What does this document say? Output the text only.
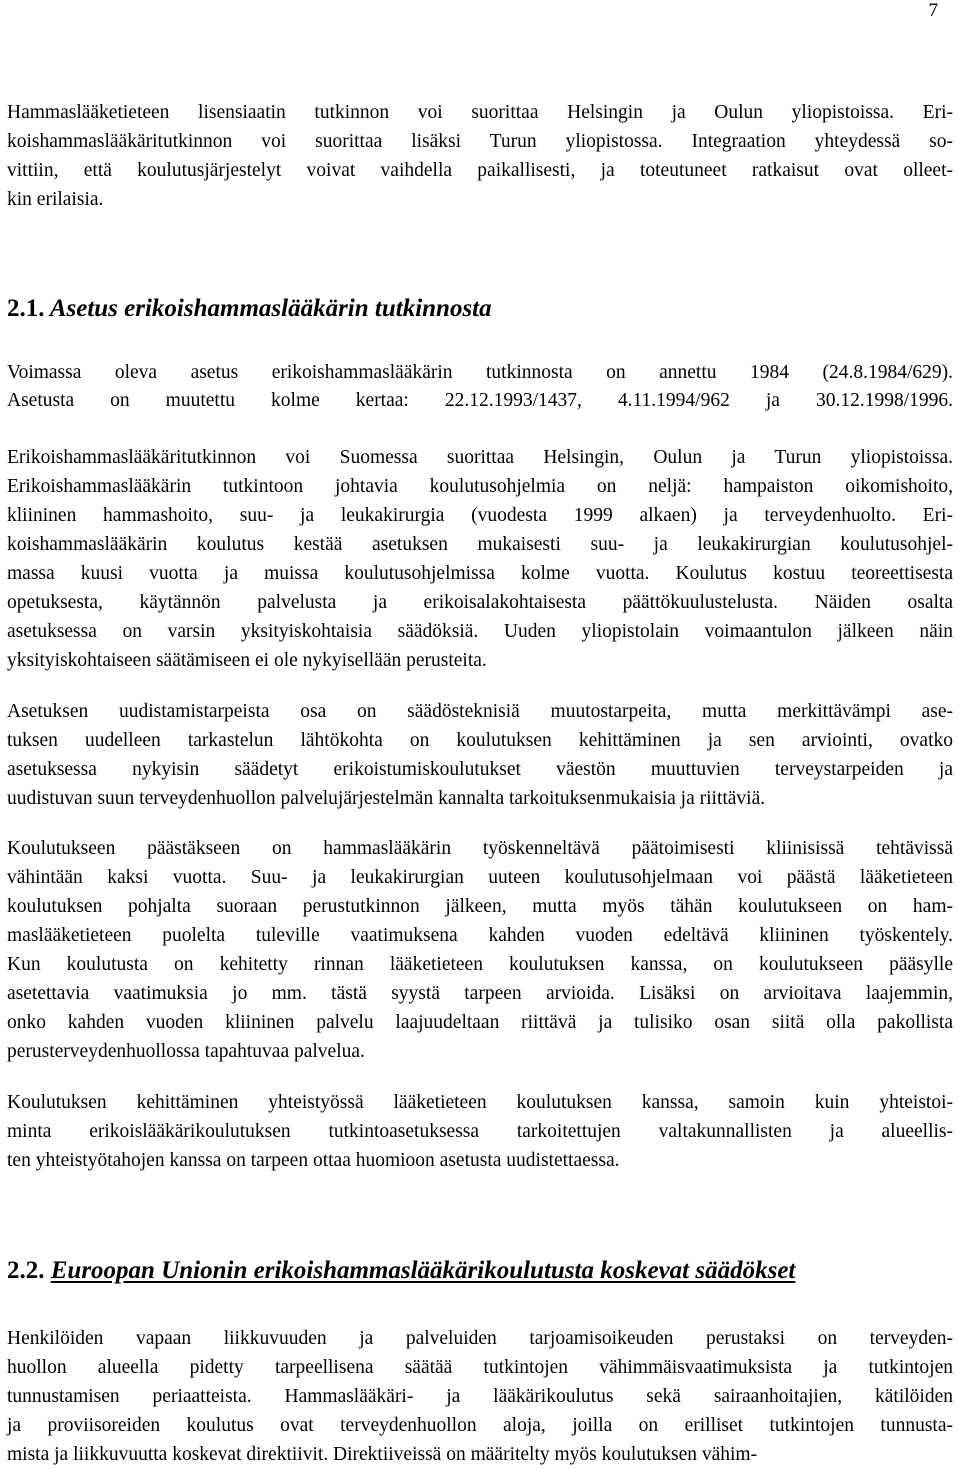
7
Hammaslääketieteen lisensiaatin tutkinnon voi suorittaa Helsingin ja Oulun yliopistoissa. Eri-
koishammaslääkäritutkinnon voi suorittaa lisäksi Turun yliopistossa. Integraation yhteydessä so-
vittiin, että koulutusjärjestelyt voivat vaihdella paikallisesti, ja toteutuneet ratkaisut ovat olleet-
kin erilaisia.
2.1. Asetus erikoishammaslääkärin tutkinnosta
Voimassa oleva asetus erikoishammaslääkärin tutkinnosta on annettu 1984 (24.8.1984/629).
Asetusta on muutettu kolme kertaa: 22.12.1993/1437, 4.11.1994/962 ja 30.12.1998/1996.
Erikoishammaslääkäritutkinnon voi Suomessa suorittaa Helsingin, Oulun ja Turun yliopistoissa.
Erikoishammaslääkärin tutkintoon johtavia koulutusohjelmia on neljä: hampaiston oikomishoito,
kliininen hammashoito, suu- ja leukakirurgia (vuodesta 1999 alkaen) ja terveydenhuolto. Eri-
koishammaslääkärin koulutus kestää asetuksen mukaisesti suu- ja leukakirurgian koulutusohjel-
massa kuusi vuotta ja muissa koulutusohjelmissa kolme vuotta. Koulutus kostuu teoreettisesta
opetuksesta, käytännön palvelusta ja erikoisalakohtaisesta päättökuulustelusta. Näiden osalta
asetuksessa on varsin yksityiskohtaisia säädöksiä. Uuden yliopistolain voimaantulon jälkeen näin
yksityiskohtaiseen säätämiseen ei ole nykyisellään perusteita.
Asetuksen uudistamistarpeista osa on säädösteknisiä muutostarpeita, mutta merkittävämpi ase-
tuksen uudelleen tarkastelun lähtökohta on koulutuksen kehittäminen ja sen arviointi, ovatko
asetuksessa nykyisin säädetyt erikoistumiskoulutukset väestön muuttuvien terveystarpeiden ja
uudistuvan suun terveydenhuollon palvelujärjestelmän kannalta tarkoituksenmukaisia ja riittäviä.
Koulutukseen päästäkseen on hammaslääkärin työskenneltävä päätoimisesti kliinisissä tehtävissä
vähintään kaksi vuotta. Suu- ja leukakirurgian uuteen koulutusohjelmaan voi päästä lääketieteen
koulutuksen pohjalta suoraan perustutkinnon jälkeen, mutta myös tähän koulutukseen on ham-
maslääketieteen puolelta tuleville vaatimuksena kahden vuoden edeltävä kliininen työskentely.
Kun koulutusta on kehitetty rinnan lääketieteen koulutuksen kanssa, on koulutukseen pääsylle
asetettavia vaatimuksia jo mm. tästä syystä tarpeen arvioida. Lisäksi on arvioitava laajemmin,
onko kahden vuoden kliininen palvelu laajuudeltaan riittävä ja tulisiko osan siitä olla pakollista
perusterveydenhuollossa tapahtuvaa palvelua.
Koulutuksen kehittäminen yhteistyössä lääketieteen koulutuksen kanssa, samoin kuin yhteistoi-
minta erikoislääkärikoulutuksen tutkintoasetuksessa tarkoitettujen valtakunnallisten ja alueellis-
ten yhteistyötahojen kanssa on tarpeen ottaa huomioon asetusta uudistettaessa.
2.2. Euroopan Unionin erikoishammaslääkärikoulutusta koskevat säädökset
Henkilöiden vapaan liikkuvuuden ja palveluiden tarjoamisoikeuden perustaksi on terveyden-
huollon alueella pidetty tarpeellisena säätää tutkintojen vähimmäisvaatimuksista ja tutkintojen
tunnustamisen periaatteista. Hammaslääkäri- ja lääkärikoulutus sekä sairaanhoitajien, kätilöiden
ja proviisoreiden koulutus ovat terveydenhuollon aloja, joilla on erilliset tutkintojen tunnusta-
mista ja liikkuvuutta koskevat direktiivit. Direktiiveissä on määritelty myös koulutuksen vähim-
